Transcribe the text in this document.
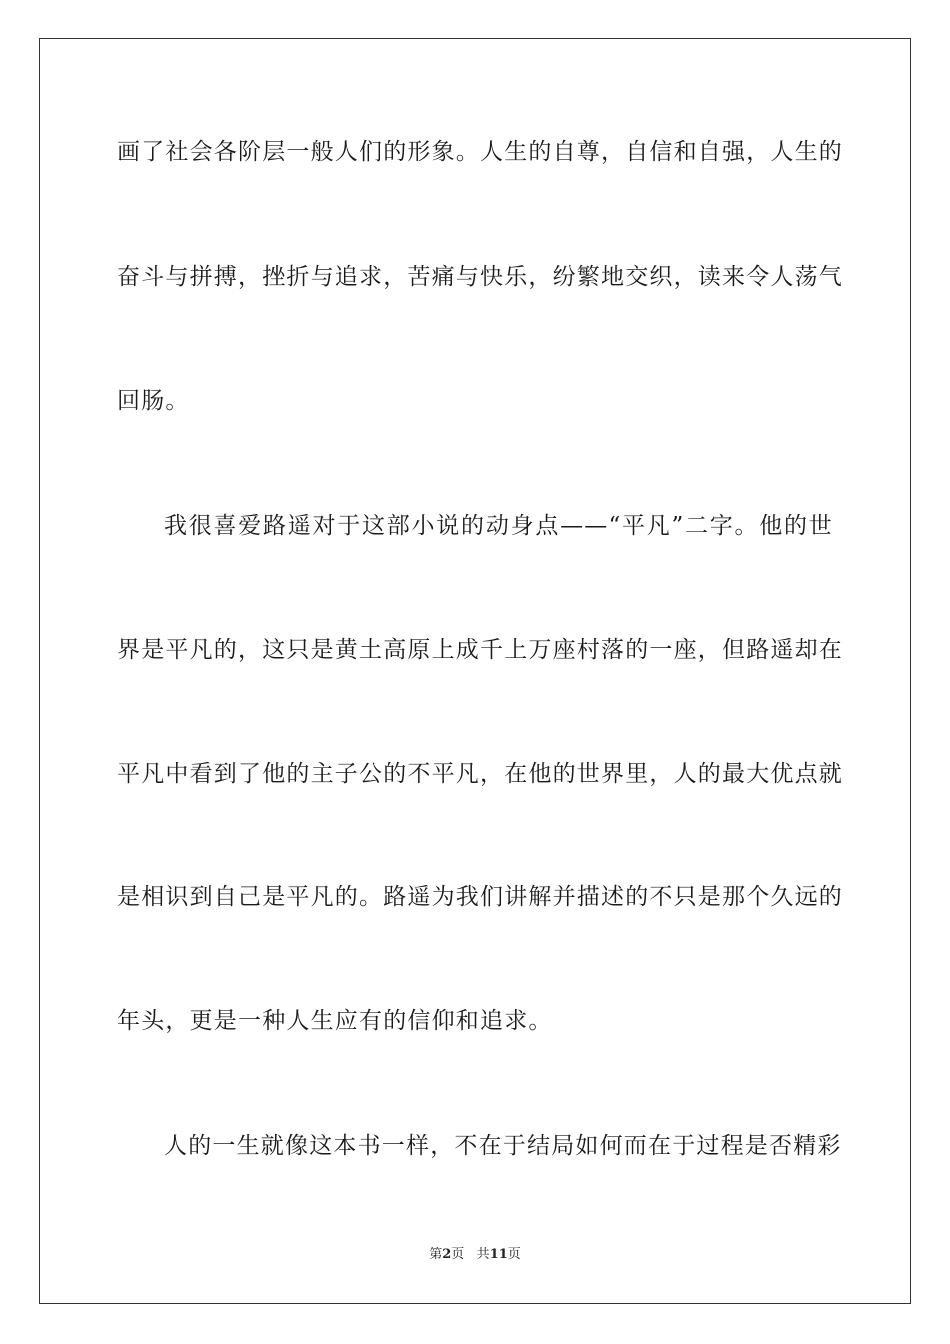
画了社会各阶层一般人们的形象。人生的自尊，自信和自强，人生的
奋斗与拼搏，挫折与追求，苦痛与快乐，纷繁地交织，读来令人荡气
回肠。
我很喜爱路遥对于这部小说的动身点——“平凡”二字。他的世
界是平凡的，这只是黄土高原上成千上万座村落的一座，但路遥却在
平凡中看到了他的主子公的不平凡，在他的世界里，人的最大优点就
是相识到自己是平凡的。路遥为我们讲解并描述的不只是那个久远的
年头，更是一种人生应有的信仰和追求。
人的一生就像这本书一样，不在于结局如何而在于过程是否精彩
第2页 共11页
